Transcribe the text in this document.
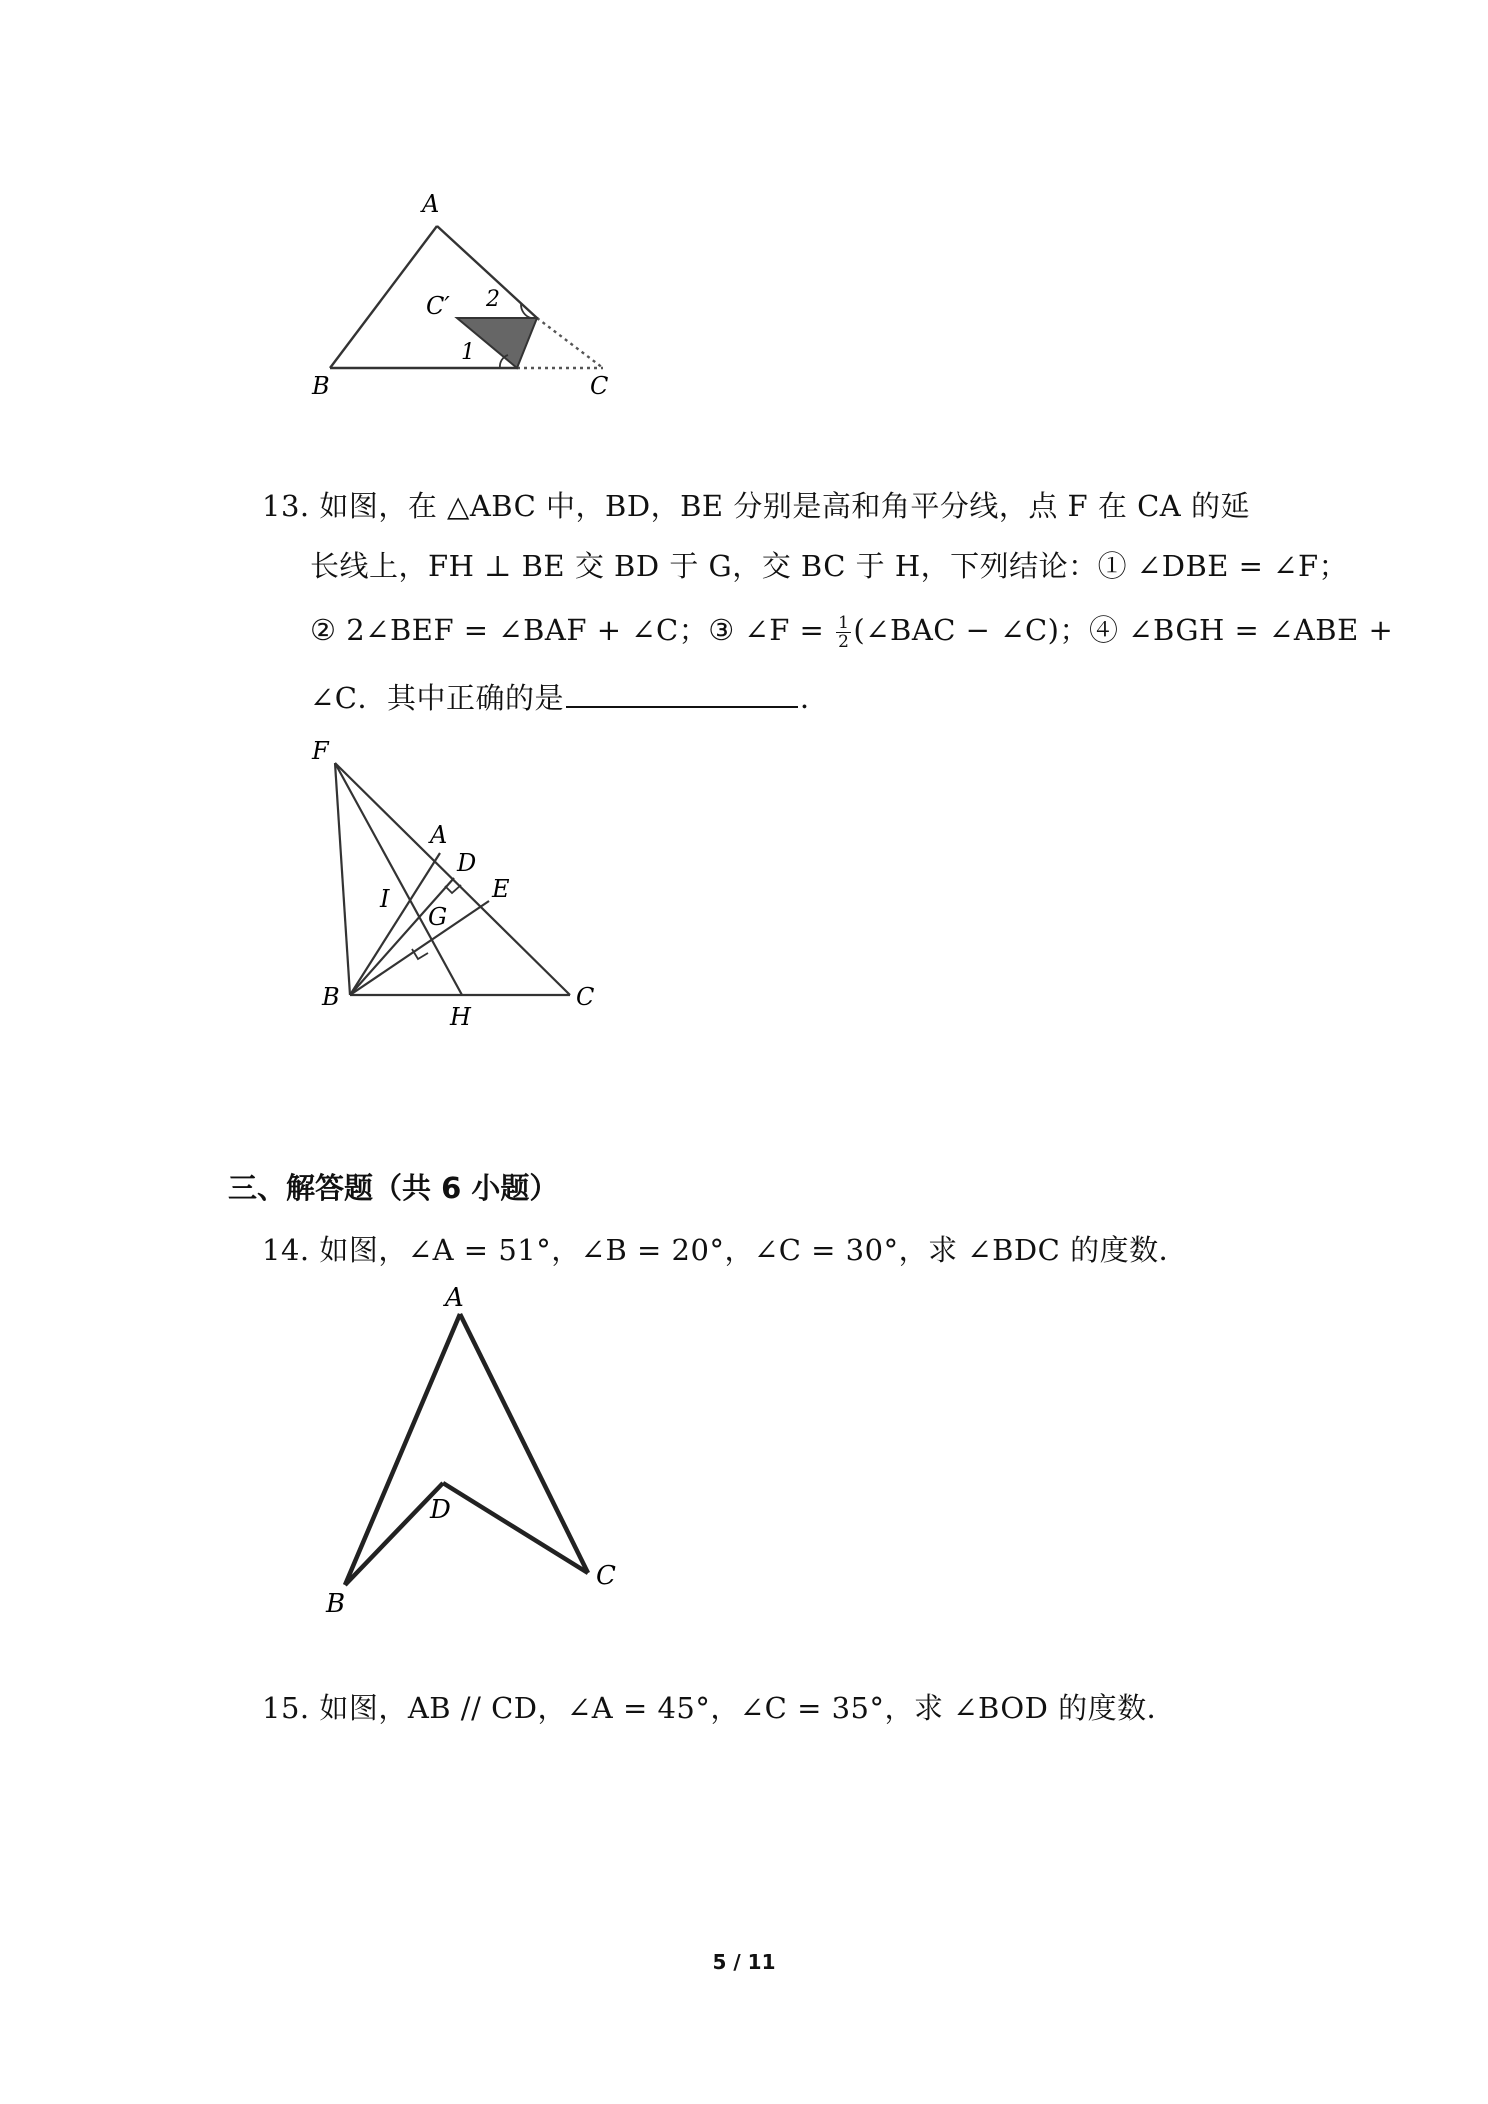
A
B	C
C′
1
2
13. 如图，在 △ABC 中，BD，BE 分别是高和角平分线，点 F 在 CA 的延
长线上，FH ⊥ BE 交 BD 于 G，交 BC 于 H，下列结论：① ∠DBE = ∠F；
② 2∠BEF = ∠BAF + ∠C；③ ∠F = $\frac{1}{2}$ (∠BAC − ∠C)；④ ∠BGH = ∠ABE +
∠C．其中正确的是	．
F
A
D
E
I
G
B
H
C
三、解答题（共 6 小题）
14. 如图，∠A = 51°，∠B = 20°，∠C = 30°，求 ∠BDC 的度数．
A
D
B
C
15. 如图，AB // CD，∠A = 45°，∠C = 35°，求 ∠BOD 的度数．
5 / 11
